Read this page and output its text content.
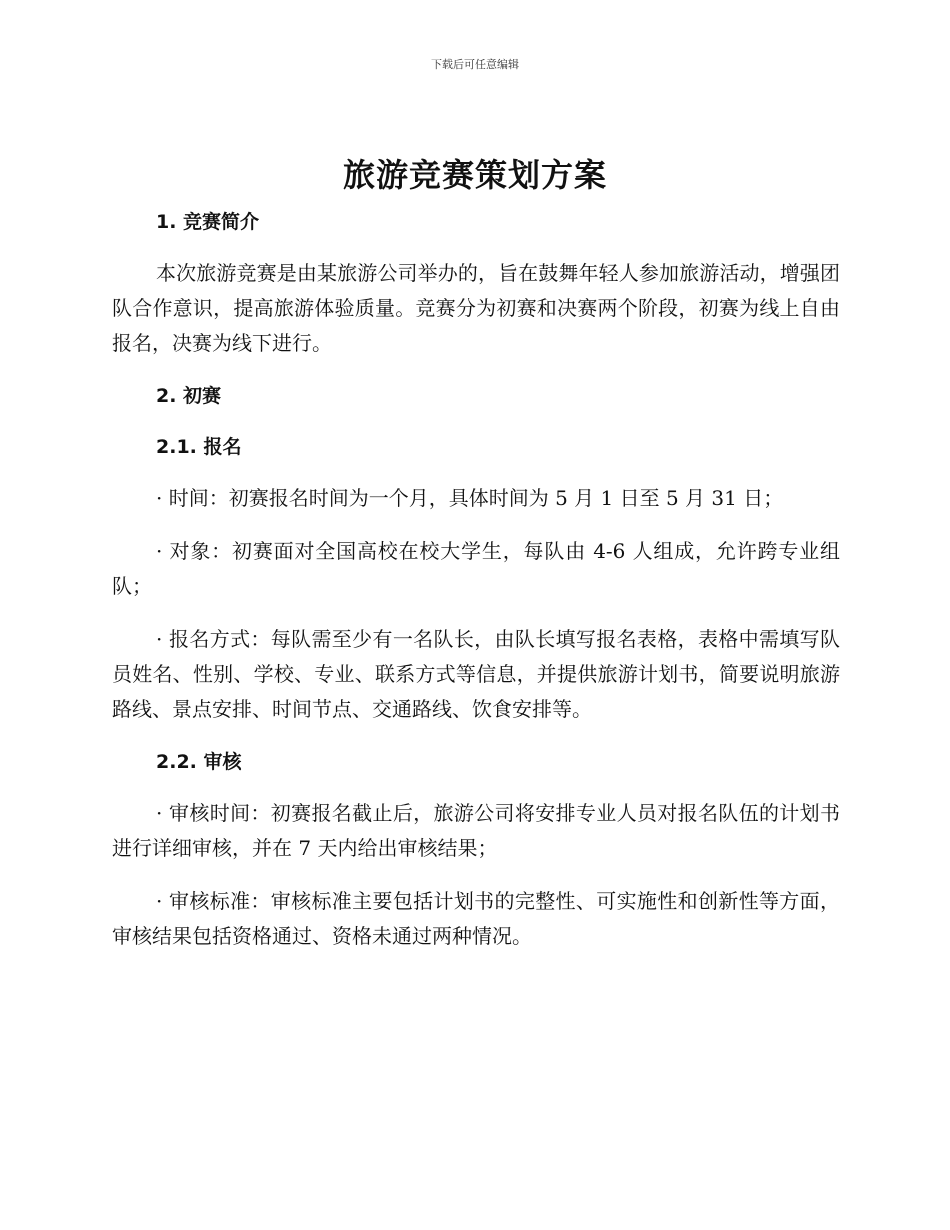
下载后可任意编辑
旅游竞赛策划方案
1. 竞赛简介

本次旅游竞赛是由某旅游公司举办的，旨在鼓舞年轻人参加旅游活动，增强团队合作意识，提高旅游体验质量。竞赛分为初赛和决赛两个阶段，初赛为线上自由报名，决赛为线下进行。

2. 初赛
2.1. 报名

· 时间：初赛报名时间为一个月，具体时间为 5 月 1 日至 5 月 31 日；

· 对象：初赛面对全国高校在校大学生，每队由 4-6 人组成，允许跨专业组队；

· 报名方式：每队需至少有一名队长，由队长填写报名表格，表格中需填写队员姓名、性别、学校、专业、联系方式等信息，并提供旅游计划书，简要说明旅游路线、景点安排、时间节点、交通路线、饮食安排等。

2.2. 审核

· 审核时间：初赛报名截止后，旅游公司将安排专业人员对报名队伍的计划书进行详细审核，并在 7 天内给出审核结果；

· 审核标准：审核标准主要包括计划书的完整性、可实施性和创新性等方面，审核结果包括资格通过、资格未通过两种情况。
